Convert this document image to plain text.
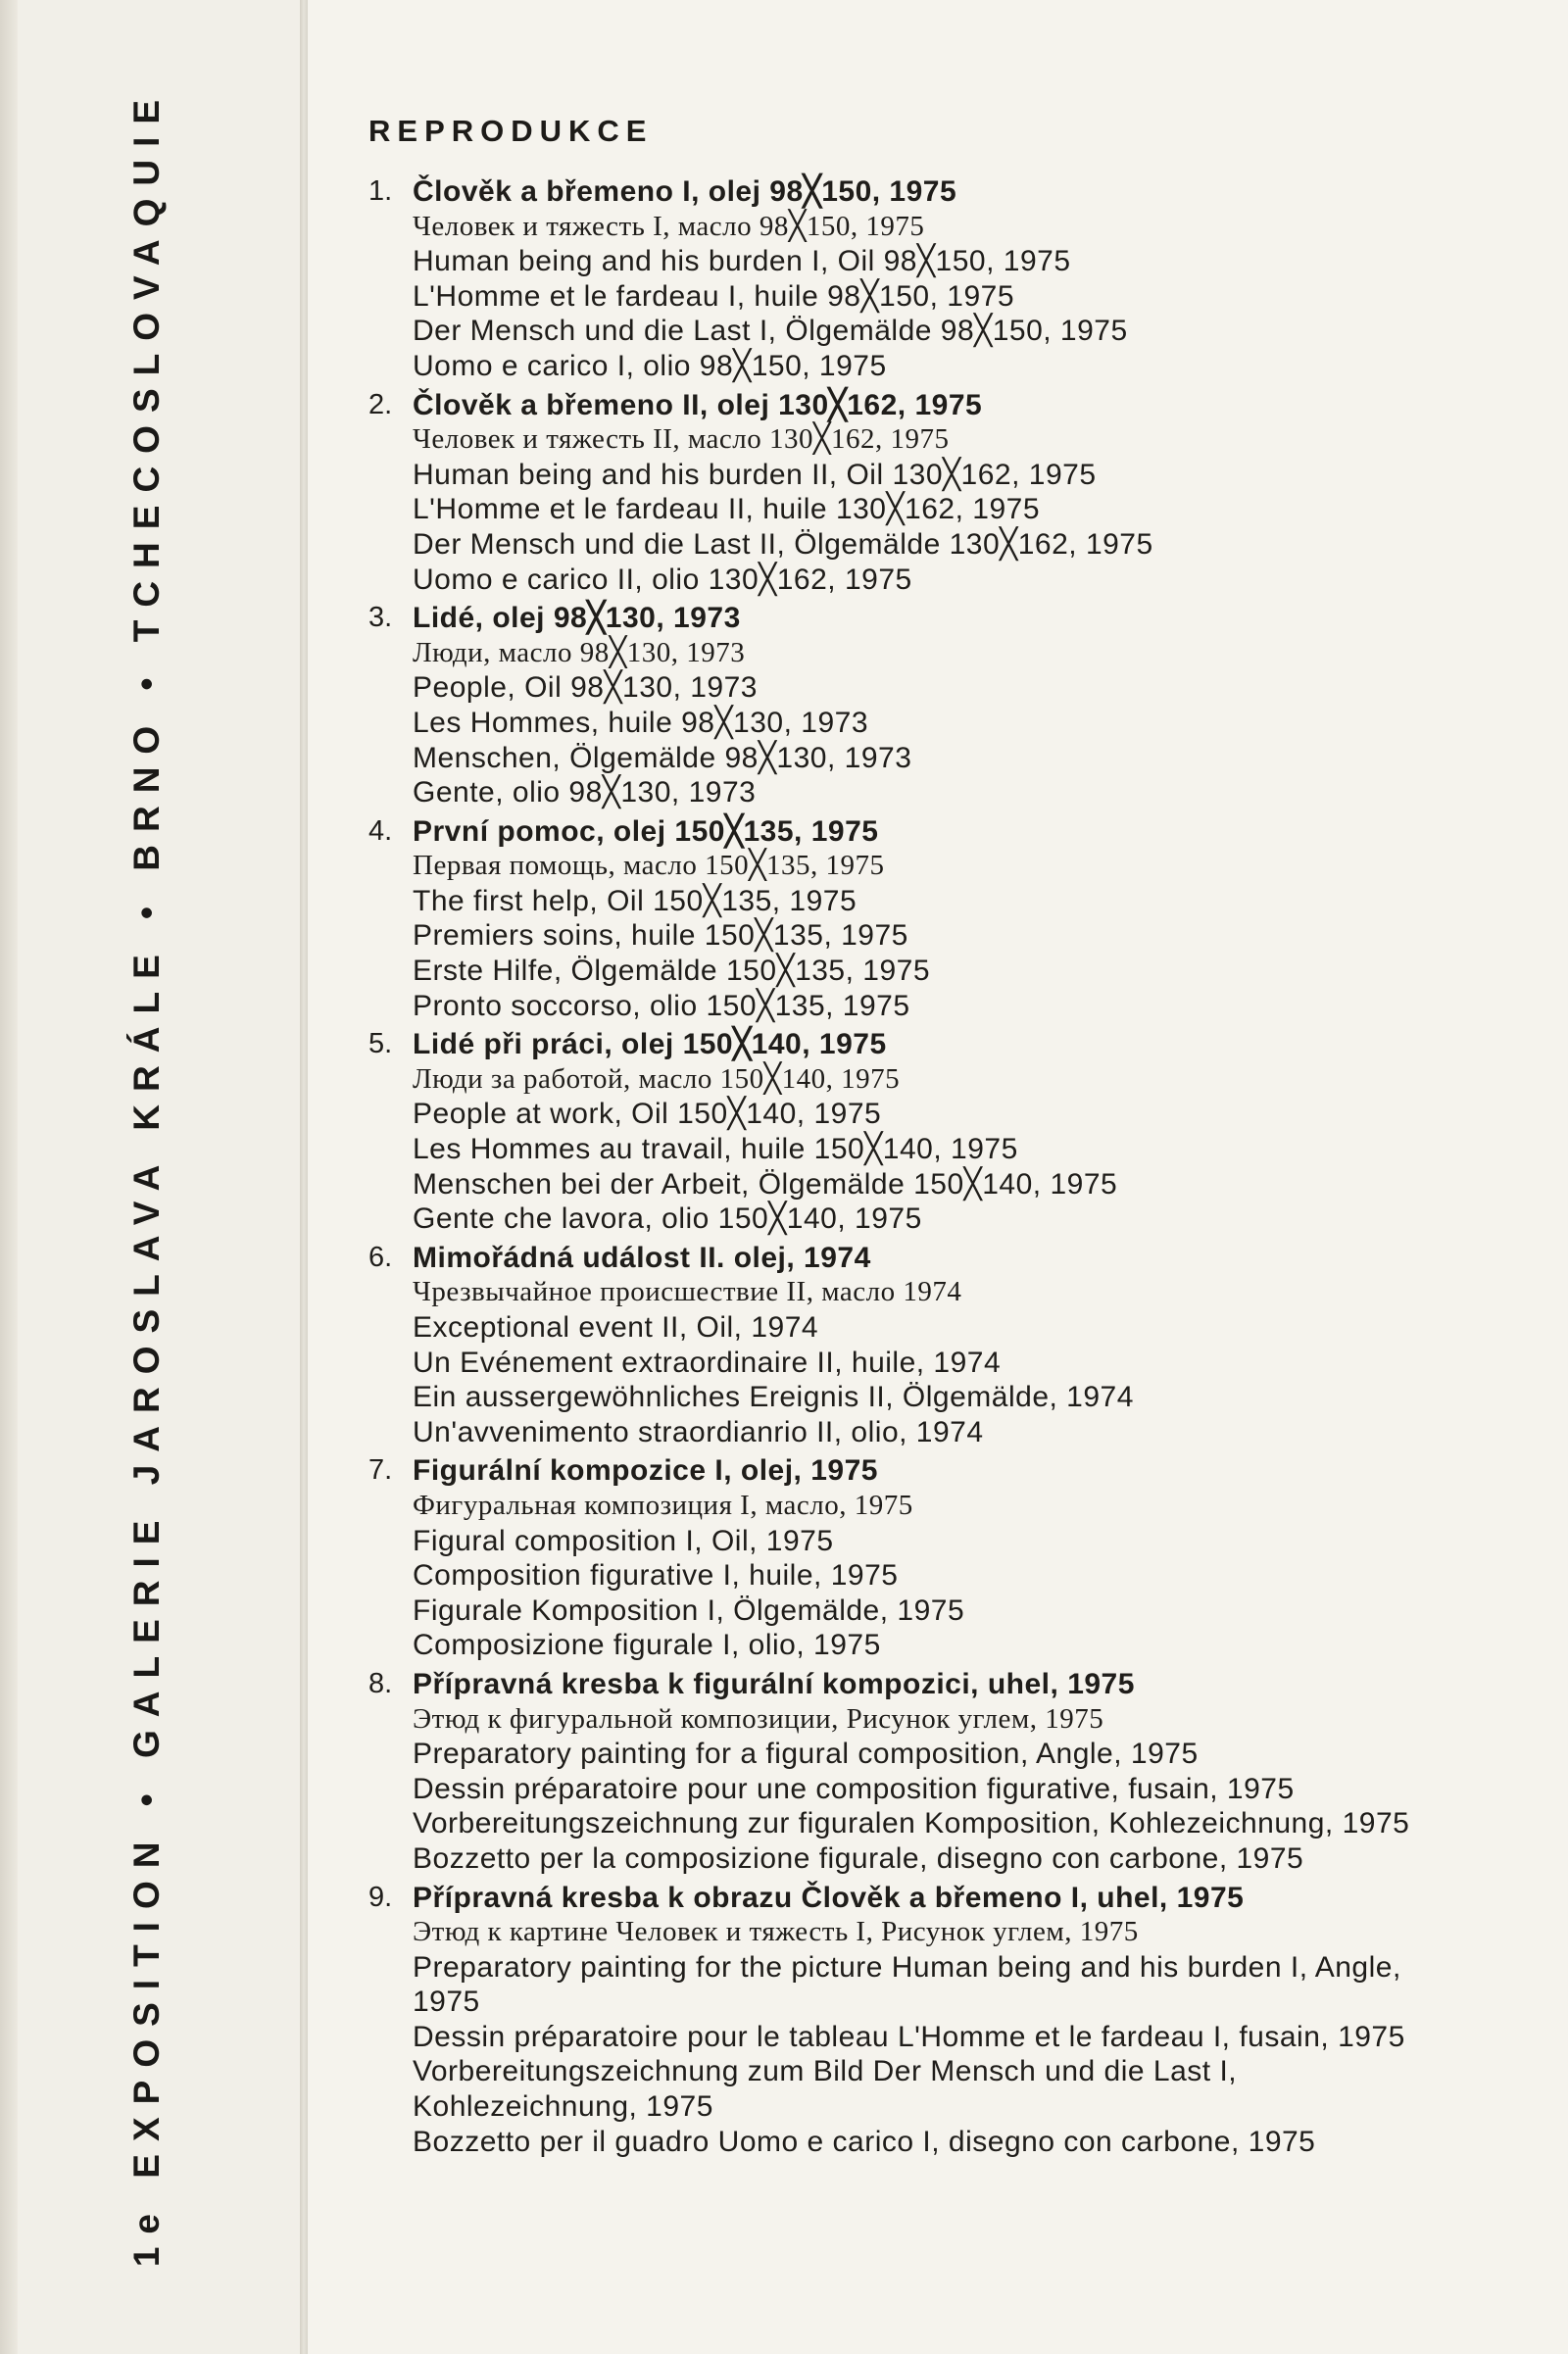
1e EXPOSITION • GALERIE JAROSLAVA KRÁLE • BRNO • TCHECOSLOVAQUIE	REPRODUKCE
1. Člověk a břemeno I, olej 98╳150, 1975
Человек и тяжесть I, масло 98╳150, 1975
Human being and his burden I, Oil 98╳150, 1975
L'Homme et le fardeau I, huile 98╳150, 1975
Der Mensch und die Last I, Ölgemälde 98╳150, 1975
Uomo e carico I, olio 98╳150, 1975
2. Člověk a břemeno II, olej 130╳162, 1975
Человек и тяжесть II, масло 130╳162, 1975
Human being and his burden II, Oil 130╳162, 1975
L'Homme et le fardeau II, huile 130╳162, 1975
Der Mensch und die Last II, Ölgemälde 130╳162, 1975
Uomo e carico II, olio 130╳162, 1975
3. Lidé, olej 98╳130, 1973
Люди, масло 98╳130, 1973
People, Oil 98╳130, 1973
Les Hommes, huile 98╳130, 1973
Menschen, Ölgemälde 98╳130, 1973
Gente, olio 98╳130, 1973
4. První pomoc, olej 150╳135, 1975
Первая помощь, масло 150╳135, 1975
The first help, Oil 150╳135, 1975
Premiers soins, huile 150╳135, 1975
Erste Hilfe, Ölgemälde 150╳135, 1975
Pronto soccorso, olio 150╳135, 1975
5. Lidé při práci, olej 150╳140, 1975
Люди за работой, масло 150╳140, 1975
People at work, Oil 150╳140, 1975
Les Hommes au travail, huile 150╳140, 1975
Menschen bei der Arbeit, Ölgemälde 150╳140, 1975
Gente che lavora, olio 150╳140, 1975
6. Mimořádná událost II. olej, 1974
Чрезвычайное происшествие II, масло 1974
Exceptional event II, Oil, 1974
Un Evénement extraordinaire II, huile, 1974
Ein aussergewöhnliches Ereignis II, Ölgemälde, 1974
Un'avvenimento straordianrio II, olio, 1974
7. Figurální kompozice I, olej, 1975
Фигуральная композиция I, масло, 1975
Figural composition I, Oil, 1975
Composition figurative I, huile, 1975
Figurale Komposition I, Ölgemälde, 1975
Composizione figurale I, olio, 1975
8. Přípravná kresba k figurální kompozici, uhel, 1975
Этюд к фигуральной композиции, Рисунок углем, 1975
Preparatory painting for a figural composition, Angle, 1975
Dessin préparatoire pour une composition figurative, fusain, 1975
Vorbereitungszeichnung zur figuralen Komposition, Kohlezeichnung, 1975
Bozzetto per la composizione figurale, disegno con carbone, 1975
9. Přípravná kresba k obrazu Člověk a břemeno I, uhel, 1975
Этюд к картине Человек и тяжесть I, Рисунок углем, 1975
Preparatory painting for the picture Human being and his burden I, Angle, 1975
Dessin préparatoire pour le tableau L'Homme et le fardeau I, fusain, 1975
Vorbereitungszeichnung zum Bild Der Mensch und die Last I, Kohlezeichnung, 1975
Bozzetto per il guadro Uomo e carico I, disegno con carbone, 1975
